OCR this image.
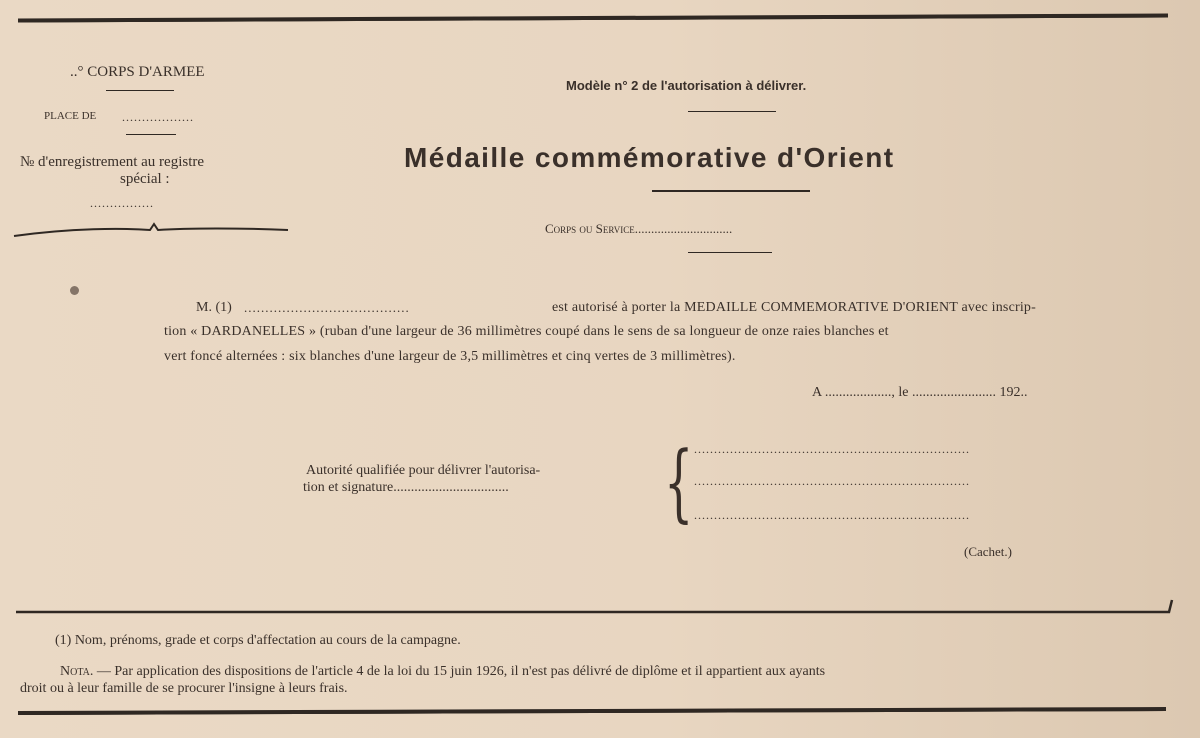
..° CORPS D'ARMEE
PLACE DE ..................
№ d'enregistrement au registre
spécial :
................
Modèle n° 2 de l'autorisation à délivrer.
Médaille commémorative d'Orient
Corps ou Service..............................
M. (1) .......................................	est autorisé à porter la MEDAILLE COMMEMORATIVE D'ORIENT avec inscrip-
tion « DARDANELLES » (ruban d'une largeur de 36 millimètres coupé dans le sens de sa longueur de onze raies blanches et
vert foncé alternées : six blanches d'une largeur de 3,5 millimètres et cinq vertes de 3 millimètres).
A ..................., le ........................ 192..
Autorité qualifiée pour délivrer l'autorisa-
tion et signature................................. { .....................................................................
.....................................................................
.....................................................................
(Cachet.)
(1) Nom, prénoms, grade et corps d'affectation au cours de la campagne.
Nota. — Par application des dispositions de l'article 4 de la loi du 15 juin 1926, il n'est pas délivré de diplôme et il appartient aux ayants
droit ou à leur famille de se procurer l'insigne à leurs frais.
